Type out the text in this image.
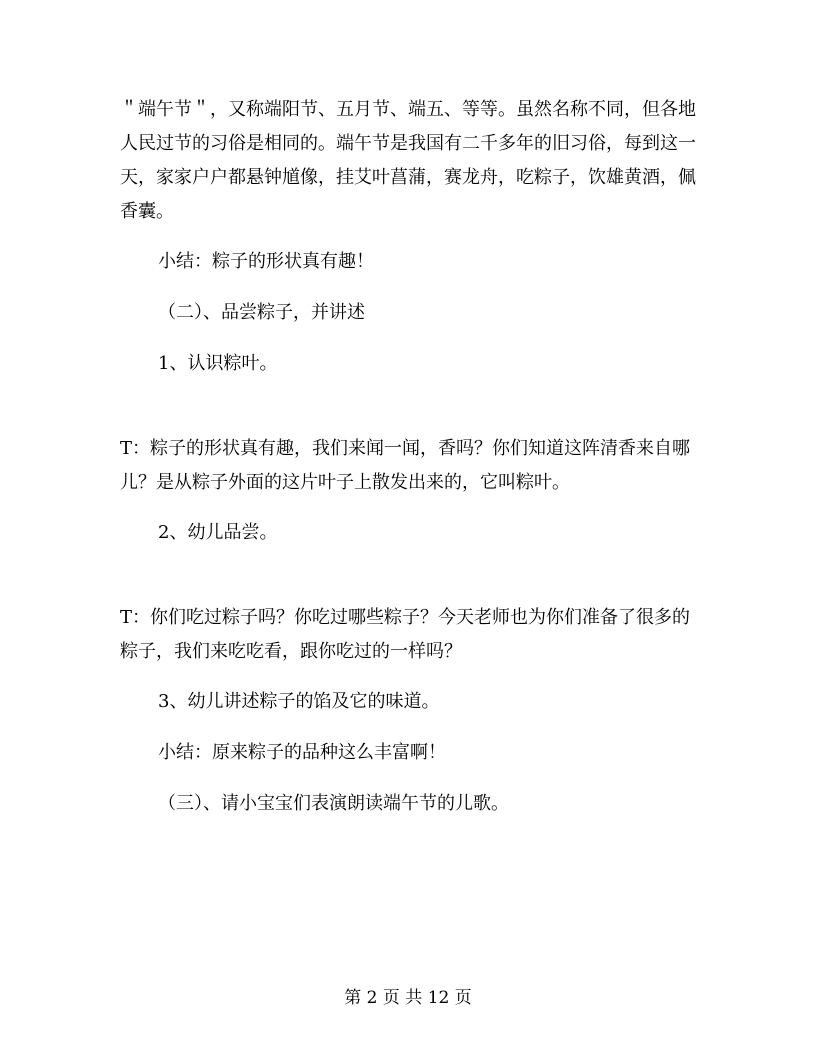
＂端午节＂，又称端阳节、五月节、端五、等等。虽然名称不同，但各地人民过节的习俗是相同的。端午节是我国有二千多年的旧习俗，每到这一天，家家户户都悬钟馗像，挂艾叶菖蒲，赛龙舟，吃粽子，饮雄黄酒，佩香囊。

小结：粽子的形状真有趣！

（二）、品尝粽子，并讲述

1、认识粽叶。

T：粽子的形状真有趣，我们来闻一闻，香吗？你们知道这阵清香来自哪儿？是从粽子外面的这片叶子上散发出来的，它叫粽叶。

2、幼儿品尝。

T：你们吃过粽子吗？你吃过哪些粽子？今天老师也为你们准备了很多的粽子，我们来吃吃看，跟你吃过的一样吗？

3、幼儿讲述粽子的馅及它的味道。

小结：原来粽子的品种这么丰富啊！

（三）、请小宝宝们表演朗读端午节的儿歌。

第 2 页 共 12 页
